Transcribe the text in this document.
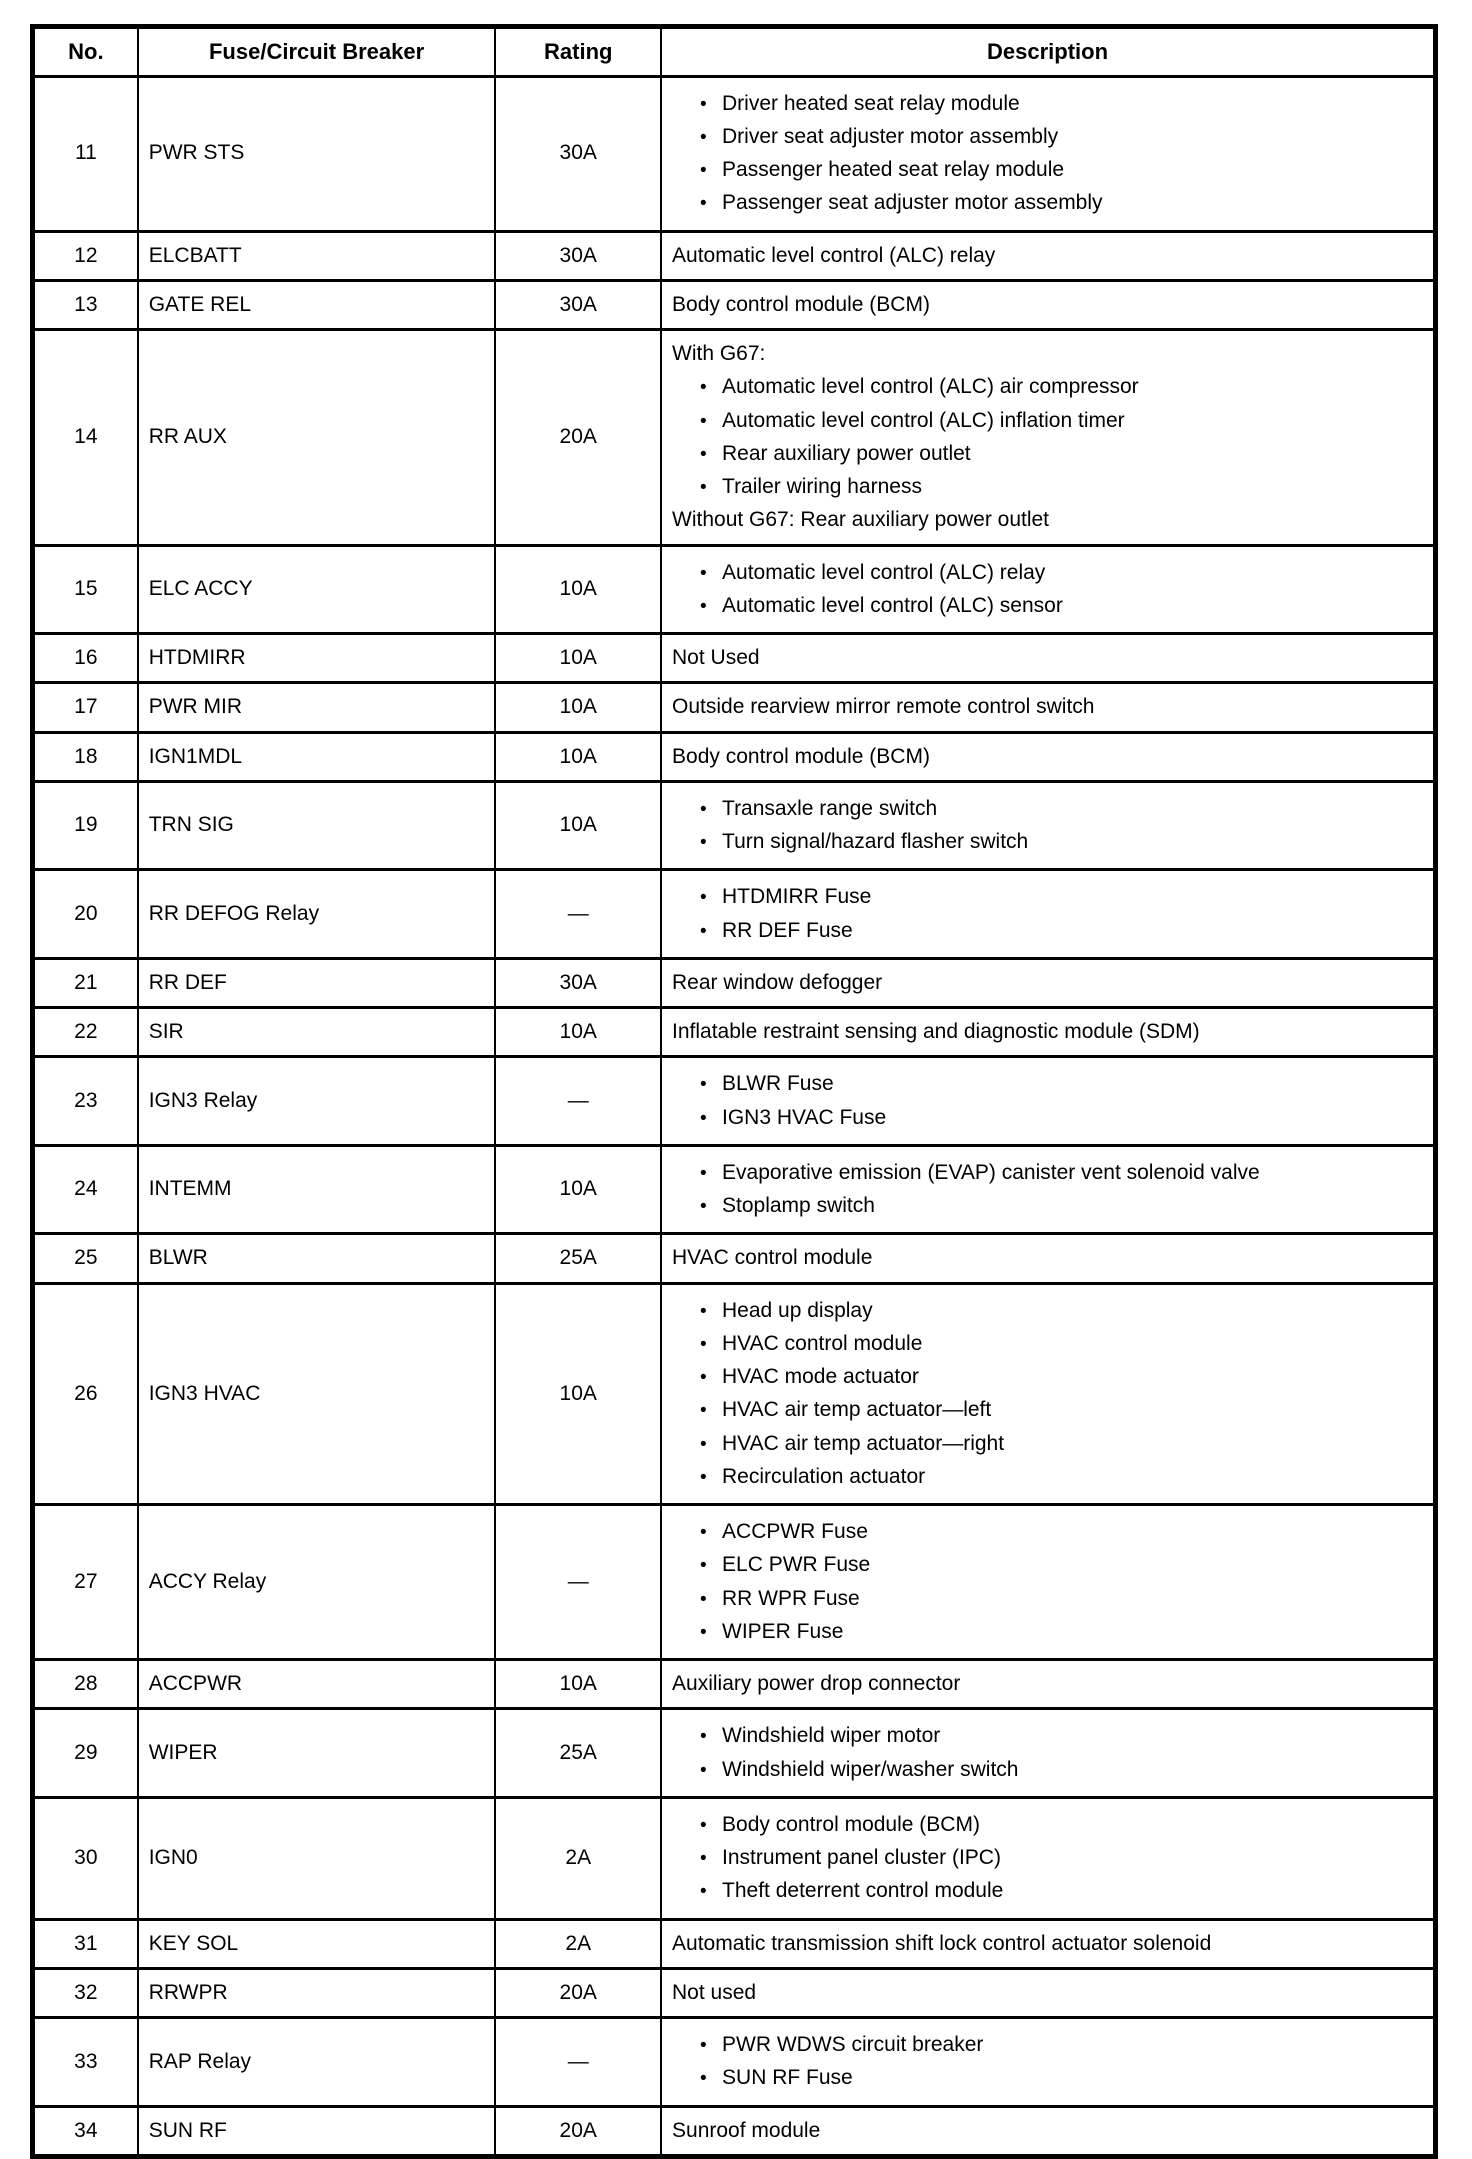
No.	Fuse/Circuit Breaker	Rating	Description
11	PWR STS	30A	
• Driver heated seat relay module
• Driver seat adjuster motor assembly
• Passenger heated seat relay module
• Passenger seat adjuster motor assembly

12	ELCBATT	30A	Automatic level control (ALC) relay

13	GATE REL	30A	Body control module (BCM)

14	RR AUX	20A	
With G67:
• Automatic level control (ALC) air compressor
• Automatic level control (ALC) inflation timer
• Rear auxiliary power outlet
• Trailer wiring harness
Without G67: Rear auxiliary power outlet

15	ELC ACCY	10A	• Automatic level control (ALC) relay
• Automatic level control (ALC) sensor

16	HTDMIRR	10A	Not Used

17	PWR MIR	10A	Outside rearview mirror remote control switch

18	IGN1MDL	10A	Body control module (BCM)

19	TRN SIG	10A	• Transaxle range switch
• Turn signal/hazard flasher switch

20	RR DEFOG Relay	—	• HTDMIRR Fuse
• RR DEF Fuse

21	RR DEF	30A	Rear window defogger

22	SIR	10A	Inflatable restraint sensing and diagnostic module (SDM)

23	IGN3 Relay	—	• BLWR Fuse
• IGN3 HVAC Fuse

24	INTEMM	10A	• Evaporative emission (EVAP) canister vent solenoid valve
• Stoplamp switch

25	BLWR	25A	HVAC control module

26	IGN3 HVAC	10A	
• Head up display
• HVAC control module
• HVAC mode actuator
• HVAC air temp actuator—left
• HVAC air temp actuator—right
• Recirculation actuator

27	ACCY Relay	—	
• ACCPWR Fuse
• ELC PWR Fuse
• RR WPR Fuse
• WIPER Fuse

28	ACCPWR	10A	Auxiliary power drop connector

29	WIPER	25A	• Windshield wiper motor
• Windshield wiper/washer switch

30	IGN0	2A	
• Body control module (BCM)
• Instrument panel cluster (IPC)
• Theft deterrent control module

31	KEY SOL	2A	Automatic transmission shift lock control actuator solenoid

32	RRWPR	20A	Not used

33	RAP Relay	—	• PWR WDWS circuit breaker
• SUN RF Fuse

34	SUN RF	20A	Sunroof module
